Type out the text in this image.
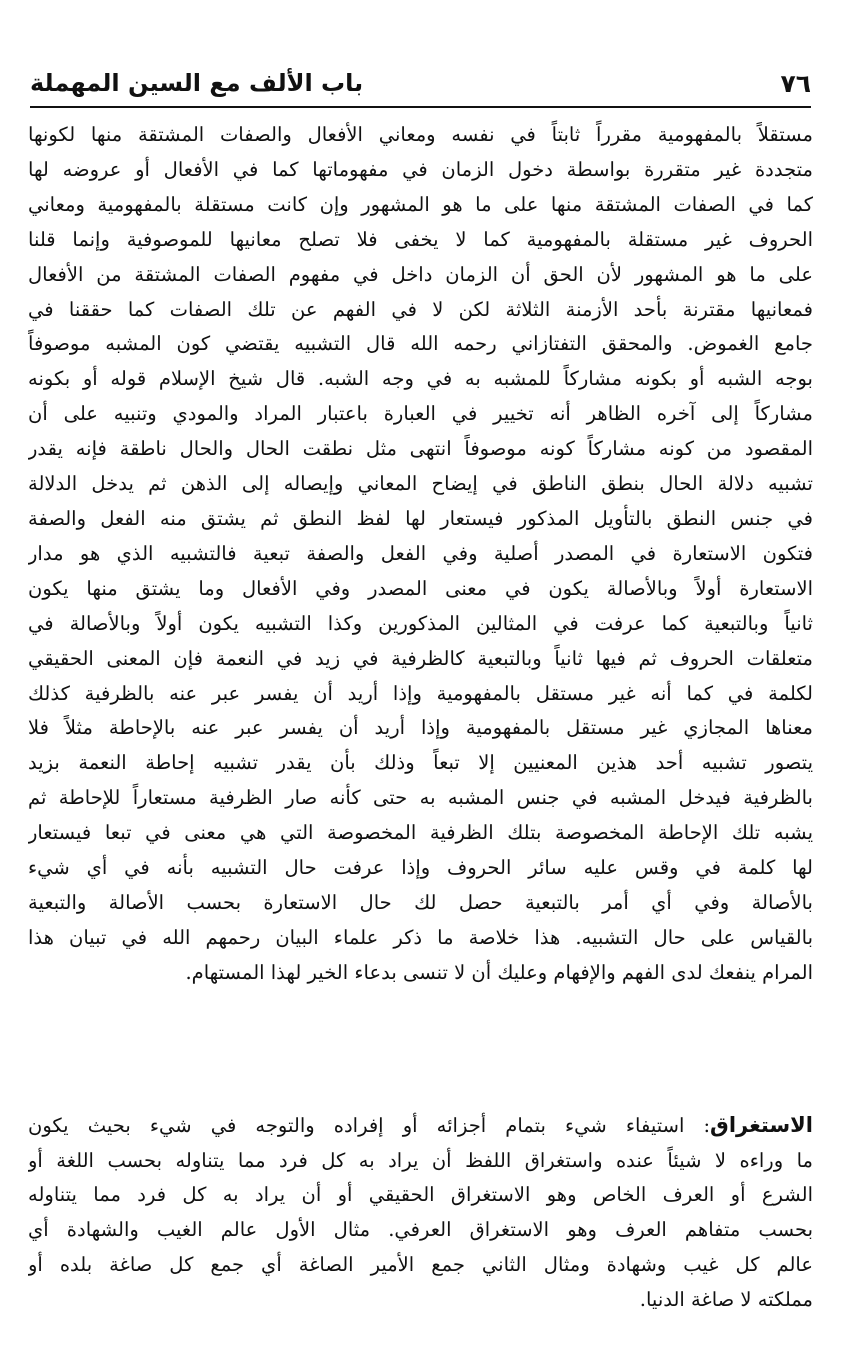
٧٦
باب الألف مع السين المهملة
مستقلاً بالمفهومية مقرراً ثابتاً في نفسه ومعاني الأفعال والصفات المشتقة منها لكونها
متجددة غير متقررة بواسطة دخول الزمان في مفهوماتها كما في الأفعال أو عروضه لها
كما في الصفات المشتقة منها على ما هو المشهور وإن كانت مستقلة بالمفهومية ومعاني
الحروف غير مستقلة بالمفهومية كما لا يخفى فلا تصلح معانيها للموصوفية وإنما قلنا
على ما هو المشهور لأن الحق أن الزمان داخل في مفهوم الصفات المشتقة من الأفعال
فمعانيها مقترنة بأحد الأزمنة الثلاثة لكن لا في الفهم عن تلك الصفات كما حققنا في
جامع الغموض. والمحقق التفتازاني رحمه الله قال التشبيه يقتضي كون المشبه موصوفاً
بوجه الشبه أو بكونه مشاركاً للمشبه به في وجه الشبه. قال شيخ الإسلام قوله أو بكونه
مشاركاً إلى آخره الظاهر أنه تخيير في العبارة باعتبار المراد والمودي وتنبيه على أن
المقصود من كونه مشاركاً كونه موصوفاً انتهى مثل نطقت الحال والحال ناطقة فإنه يقدر
تشبيه دلالة الحال بنطق الناطق في إيضاح المعاني وإيصاله إلى الذهن ثم يدخل الدلالة
في جنس النطق بالتأويل المذكور فيستعار لها لفظ النطق ثم يشتق منه الفعل والصفة
فتكون الاستعارة في المصدر أصلية وفي الفعل والصفة تبعية فالتشبيه الذي هو مدار
الاستعارة أولاً وبالأصالة يكون في معنى المصدر وفي الأفعال وما يشتق منها يكون
ثانياً وبالتبعية كما عرفت في المثالين المذكورين وكذا التشبيه يكون أولاً وبالأصالة في
متعلقات الحروف ثم فيها ثانياً وبالتبعية كالظرفية في زيد في النعمة فإن المعنى الحقيقي
لكلمة في كما أنه غير مستقل بالمفهومية وإذا أريد أن يفسر عبر عنه بالظرفية كذلك
معناها المجازي غير مستقل بالمفهومية وإذا أريد أن يفسر عبر عنه بالإحاطة مثلاً فلا
يتصور تشبيه أحد هذين المعنيين إلا تبعاً وذلك بأن يقدر تشبيه إحاطة النعمة بزيد
بالظرفية فيدخل المشبه في جنس المشبه به حتى كأنه صار الظرفية مستعاراً للإحاطة ثم
يشبه تلك الإحاطة المخصوصة بتلك الظرفية المخصوصة التي هي معنى في تبعا فيستعار
لها كلمة في وقس عليه سائر الحروف وإذا عرفت حال التشبيه بأنه في أي شيء
بالأصالة وفي أي أمر بالتبعية حصل لك حال الاستعارة بحسب الأصالة والتبعية
بالقياس على حال التشبيه. هذا خلاصة ما ذكر علماء البيان رحمهم الله في تبيان هذا
المرام ينفعك لدى الفهم والإفهام وعليك أن لا تنسى بدعاء الخير لهذا المستهام.
الاستغراق: استيفاء شيء بتمام أجزائه أو إفراده والتوجه في شيء بحيث يكون
ما وراءه لا شيئاً عنده واستغراق اللفظ أن يراد به كل فرد مما يتناوله بحسب اللغة أو
الشرع أو العرف الخاص وهو الاستغراق الحقيقي أو أن يراد به كل فرد مما يتناوله
بحسب متفاهم العرف وهو الاستغراق العرفي. مثال الأول عالم الغيب والشهادة أي
عالم كل غيب وشهادة ومثال الثاني جمع الأمير الصاغة أي جمع كل صاغة بلده أو
مملكته لا صاغة الدنيا.
